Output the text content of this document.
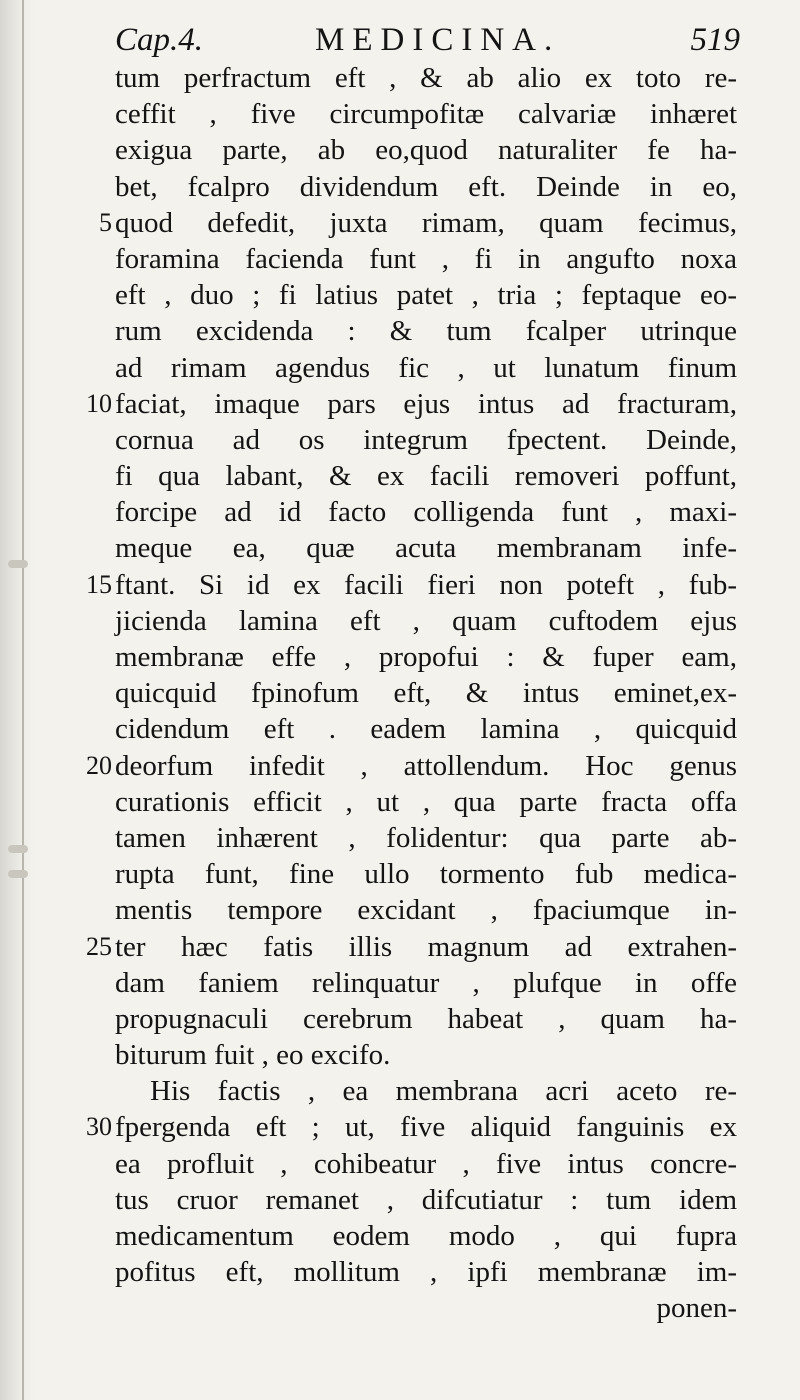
Cap.4.	MEDICINA.	519
tum perfractum eft , & ab alio ex toto re-
ceffit , five circumpofitæ calvariæ inhæret
exigua parte, ab eo,quod naturaliter fe ha-
bet, fcalpro dividendum eft. Deinde in eo,
5 quod defedit, juxta rimam, quam fecimus,
foramina facienda funt , fi in angufto noxa
eft , duo ; fi latius patet , tria ; feptaque eo-
rum excidenda : & tum fcalper utrinque
ad rimam agendus fic , ut lunatum finum
10 faciat, imaque pars ejus intus ad fracturam,
cornua ad os integrum fpectent. Deinde,
fi qua labant, & ex facili removeri poffunt,
forcipe ad id facto colligenda funt , maxi-
meque ea, quæ acuta membranam infe-
15 ftant. Si id ex facili fieri non poteft , fub-
jicienda lamina eft , quam cuftodem ejus
membranæ effe , propofui : & fuper eam,
quicquid fpinofum eft, & intus eminet,ex-
cidendum eft . eadem lamina , quicquid
20 deorfum infedit , attollendum. Hoc genus
curationis efficit , ut , qua parte fracta offa
tamen inhærent , folidentur: qua parte ab-
rupta funt, fine ullo tormento fub medica-
mentis tempore excidant , fpaciumque in-
25 ter hæc fatis illis magnum ad extrahen-
dam faniem relinquatur , plufque in offe
propugnaculi cerebrum habeat , quam ha-
biturum fuit , eo excifo.
His factis , ea membrana acri aceto re-
30 fpergenda eft ; ut, five aliquid fanguinis ex
ea profluit , cohibeatur , five intus concre-
tus cruor remanet , difcutiatur : tum idem
medicamentum eodem modo , qui fupra
pofitus eft, mollitum , ipfi membranæ im-
ponen-
